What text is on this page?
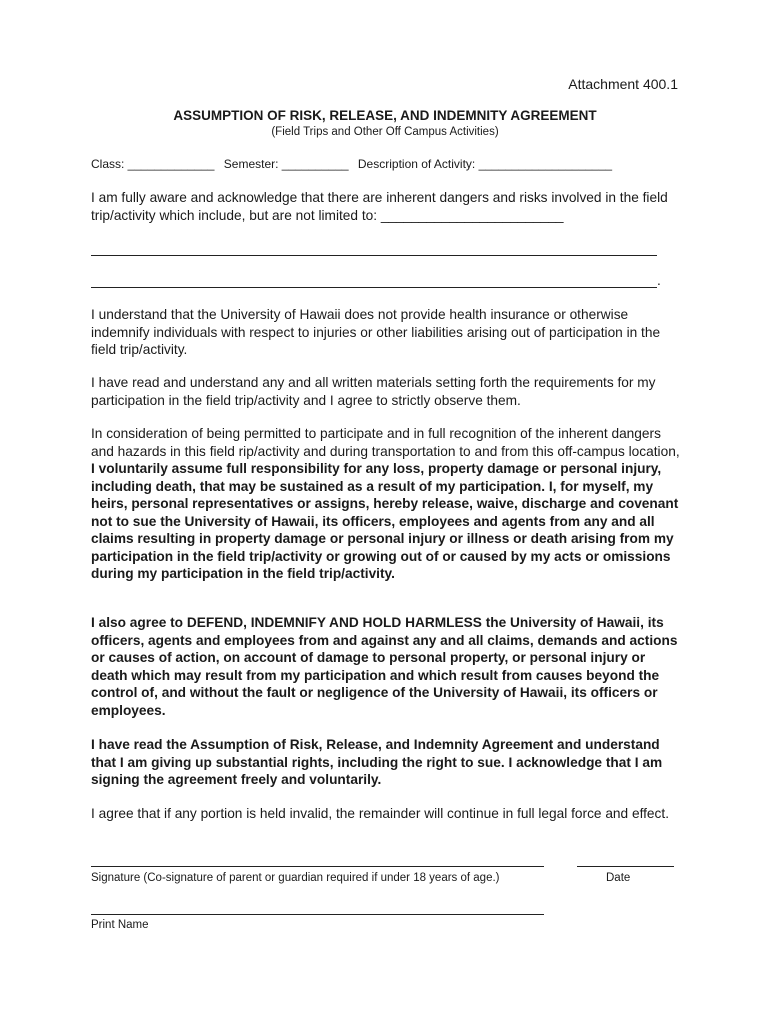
Attachment 400.1
ASSUMPTION OF RISK, RELEASE, AND INDEMNITY AGREEMENT
(Field Trips and Other Off Campus Activities)
Class: _____________ Semester: __________ Description of Activity: ____________________
I am fully aware and acknowledge that there are inherent dangers and risks involved in the field trip/activity which include, but are not limited to: ________________________
.
I understand that the University of Hawaii does not provide health insurance or otherwise indemnify individuals with respect to injuries or other liabilities arising out of participation in the field trip/activity.
I have read and understand any and all written materials setting forth the requirements for my participation in the field trip/activity and I agree to strictly observe them.
In consideration of being permitted to participate and in full recognition of the inherent dangers and hazards in this field rip/activity and during transportation to and from this off-campus location, I voluntarily assume full responsibility for any loss, property damage or personal injury, including death, that may be sustained as a result of my participation. I, for myself, my heirs, personal representatives or assigns, hereby release, waive, discharge and covenant not to sue the University of Hawaii, its officers, employees and agents from any and all claims resulting in property damage or personal injury or illness or death arising from my participation in the field trip/activity or growing out of or caused by my acts or omissions during my participation in the field trip/activity.
I also agree to DEFEND, INDEMNIFY AND HOLD HARMLESS the University of Hawaii, its officers, agents and employees from and against any and all claims, demands and actions or causes of action, on account of damage to personal property, or personal injury or death which may result from my participation and which result from causes beyond the control of, and without the fault or negligence of the University of Hawaii, its officers or employees.
I have read the Assumption of Risk, Release, and Indemnity Agreement and understand that I am giving up substantial rights, including the right to sue. I acknowledge that I am signing the agreement freely and voluntarily.
I agree that if any portion is held invalid, the remainder will continue in full legal force and effect.
Signature (Co-signature of parent or guardian required if under 18 years of age.)	Date
Print Name
